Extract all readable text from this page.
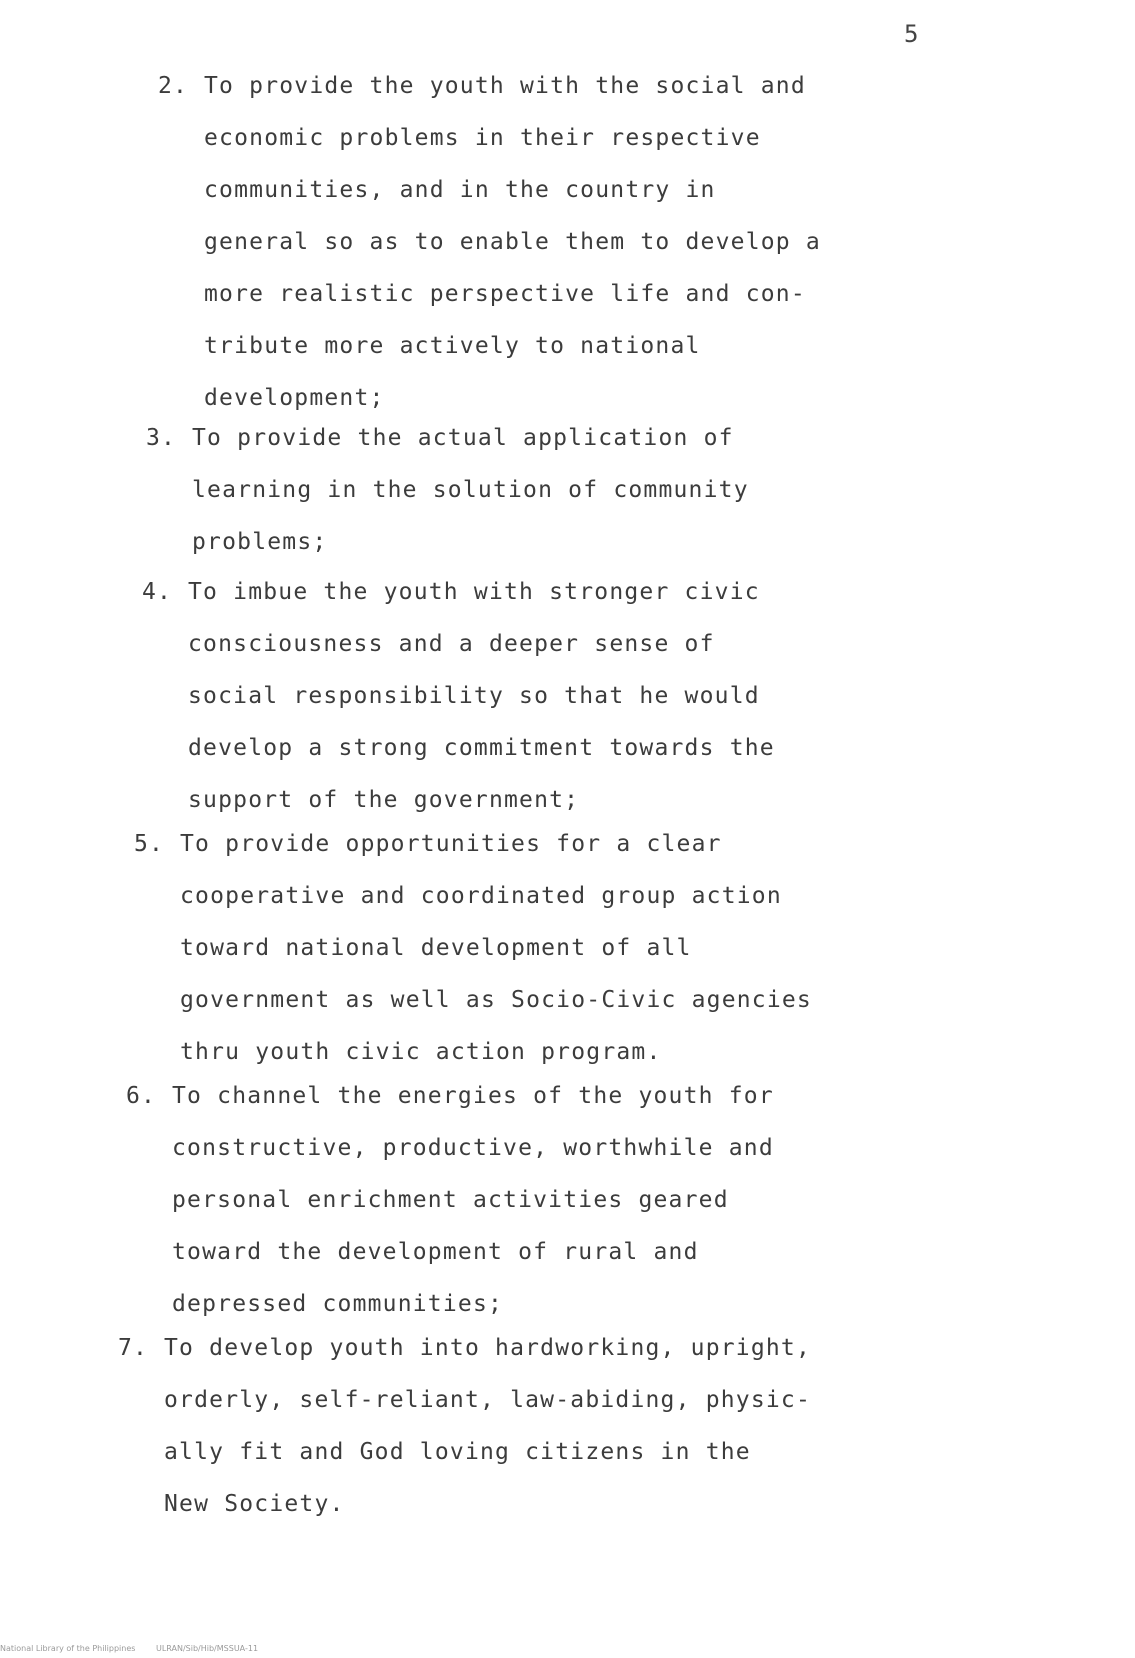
5
2. To provide the youth with the social and
economic problems in their respective
communities, and in the country in
general so as to enable them to develop a
more realistic perspective life and con-
tribute more actively to national
development;
3. To provide the actual application of
learning in the solution of community
problems;
4. To imbue the youth with stronger civic
consciousness and a deeper sense of
social responsibility so that he would
develop a strong commitment towards the
support of the government;
5. To provide opportunities for a clear
cooperative and coordinated group action
toward national development of all
government as well as Socio-Civic agencies
thru youth civic action program.
6. To channel the energies of the youth for
constructive, productive, worthwhile and
personal enrichment activities geared
toward the development of rural and
depressed communities;
7. To develop youth into hardworking, upright,
orderly, self-reliant, law-abiding, physic-
ally fit and God loving citizens in the
New Society.
National Library of the Philippines	ULRAN/Sib/Hib/MSSUA-11
